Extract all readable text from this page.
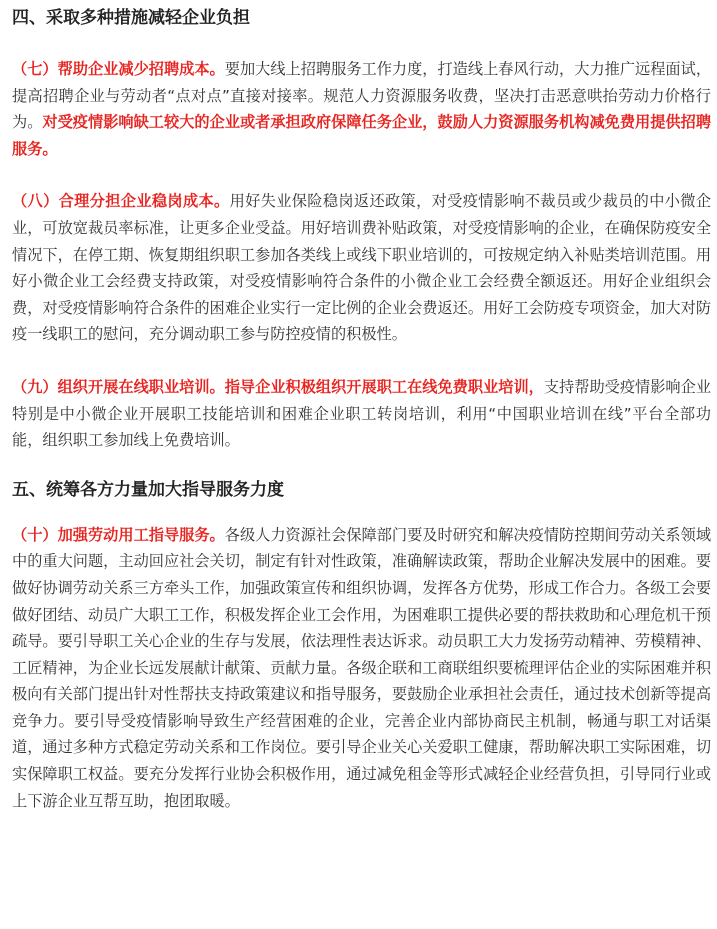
四、采取多种措施减轻企业负担

（七）帮助企业减少招聘成本。要加大线上招聘服务工作力度，打造线上春风行动，大力推广远程面试，提高招聘企业与劳动者“点对点”直接对接率。规范人力资源服务收费，坚决打击恶意哄抬劳动力价格行为。对受疫情影响缺工较大的企业或者承担政府保障任务企业，鼓励人力资源服务机构减免费用提供招聘服务。

（八）合理分担企业稳岗成本。用好失业保险稳岗返还政策，对受疫情影响不裁员或少裁员的中小微企业，可放宽裁员率标准，让更多企业受益。用好培训费补贴政策，对受疫情影响的企业，在确保防疫安全情况下，在停工期、恢复期组织职工参加各类线上或线下职业培训的，可按规定纳入补贴类培训范围。用好小微企业工会经费支持政策，对受疫情影响符合条件的小微企业工会经费全额返还。用好企业组织会费，对受疫情影响符合条件的困难企业实行一定比例的企业会费返还。用好工会防疫专项资金，加大对防疫一线职工的慰问，充分调动职工参与防控疫情的积极性。

（九）组织开展在线职业培训。指导企业积极组织开展职工在线免费职业培训，支持帮助受疫情影响企业特别是中小微企业开展职工技能培训和困难企业职工转岗培训，利用“中国职业培训在线”平台全部功能，组织职工参加线上免费培训。

五、统筹各方力量加大指导服务力度

（十）加强劳动用工指导服务。各级人力资源社会保障部门要及时研究和解决疫情防控期间劳动关系领域中的重大问题，主动回应社会关切，制定有针对性政策，准确解读政策，帮助企业解决发展中的困难。要做好协调劳动关系三方牵头工作，加强政策宣传和组织协调，发挥各方优势，形成工作合力。各级工会要做好团结、动员广大职工工作，积极发挥企业工会作用，为困难职工提供必要的帮扶救助和心理危机干预疏导。要引导职工关心企业的生存与发展，依法理性表达诉求。动员职工大力发扬劳动精神、劳模精神、工匠精神，为企业长远发展献计献策、贡献力量。各级企联和工商联组织要梳理评估企业的实际困难并积极向有关部门提出针对性帮扶支持政策建议和指导服务，要鼓励企业承担社会责任，通过技术创新等提高竞争力。要引导受疫情影响导致生产经营困难的企业，完善企业内部协商民主机制，畅通与职工对话渠道，通过多种方式稳定劳动关系和工作岗位。要引导企业关心关爱职工健康，帮助解决职工实际困难，切实保障职工权益。要充分发挥行业协会积极作用，通过减免租金等形式减轻企业经营负担，引导同行业或上下游企业互帮互助，抱团取暖。
